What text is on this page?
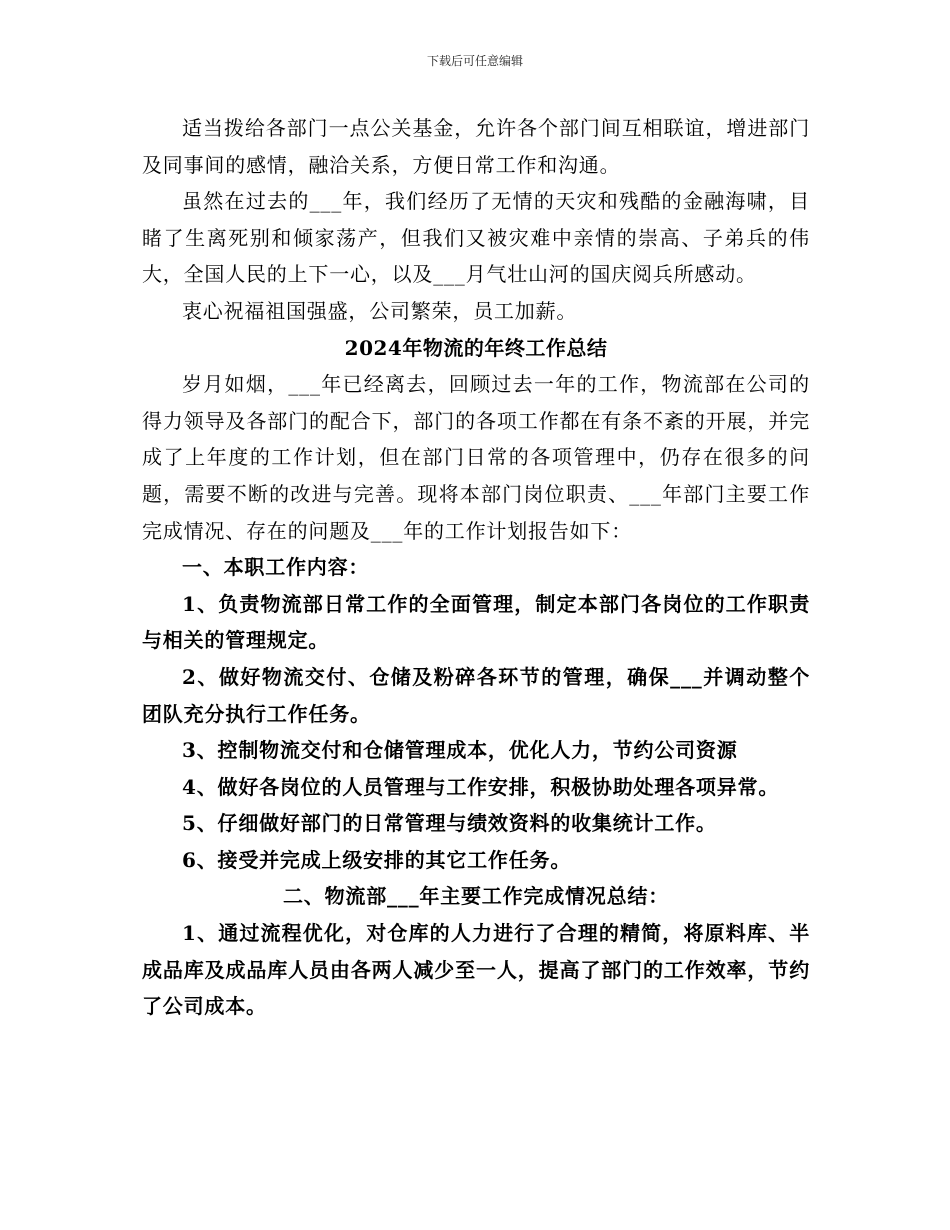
下载后可任意编辑

适当拨给各部门一点公关基金，允许各个部门间互相联谊，增进部门及同事间的感情，融洽关系，方便日常工作和沟通。

虽然在过去的___年，我们经历了无情的天灾和残酷的金融海啸，目睹了生离死别和倾家荡产，但我们又被灾难中亲情的崇高、子弟兵的伟大，全国人民的上下一心，以及___月气壮山河的国庆阅兵所感动。

衷心祝福祖国强盛，公司繁荣，员工加薪。

2024年物流的年终工作总结

岁月如烟，___年已经离去，回顾过去一年的工作，物流部在公司的得力领导及各部门的配合下，部门的各项工作都在有条不紊的开展，并完成了上年度的工作计划，但在部门日常的各项管理中，仍存在很多的问题，需要不断的改进与完善。现将本部门岗位职责、___年部门主要工作完成情况、存在的问题及___年的工作计划报告如下：

一、本职工作内容：

1、负责物流部日常工作的全面管理，制定本部门各岗位的工作职责与相关的管理规定。

2、做好物流交付、仓储及粉碎各环节的管理，确保___并调动整个团队充分执行工作任务。

3、控制物流交付和仓储管理成本，优化人力，节约公司资源

4、做好各岗位的人员管理与工作安排，积极协助处理各项异常。

5、仔细做好部门的日常管理与绩效资料的收集统计工作。

6、接受并完成上级安排的其它工作任务。

二、物流部___年主要工作完成情况总结：

1、通过流程优化，对仓库的人力进行了合理的精简，将原料库、半成品库及成品库人员由各两人减少至一人，提高了部门的工作效率，节约了公司成本。
